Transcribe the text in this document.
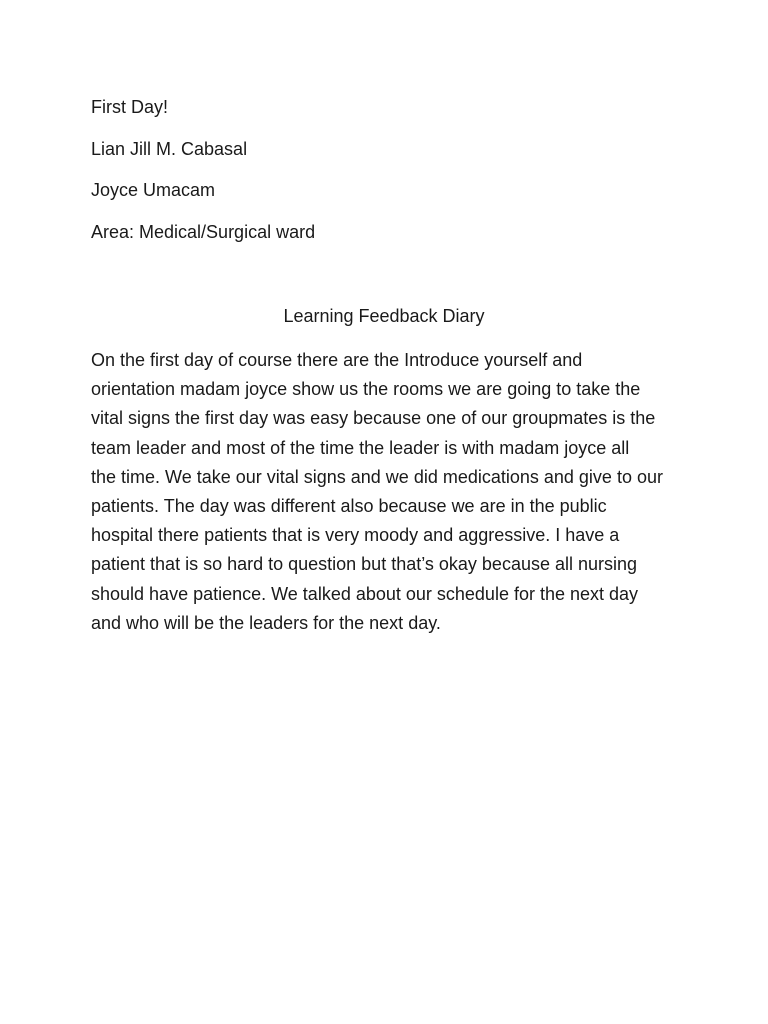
First Day!
Lian Jill M. Cabasal
Joyce Umacam
Area: Medical/Surgical ward
Learning Feedback Diary
On the first day of course there are the Introduce yourself and
orientation madam joyce show us the rooms we are going to take the
vital signs the first day was easy because one of our groupmates is the
team leader and most of the time the leader is with madam joyce all
the time. We take our vital signs and we did medications and give to our
patients. The day was different also because we are in the public
hospital there patients that is very moody and aggressive. I have a
patient that is so hard to question but that’s okay because all nursing
should have patience. We talked about our schedule for the next day
and who will be the leaders for the next day.
